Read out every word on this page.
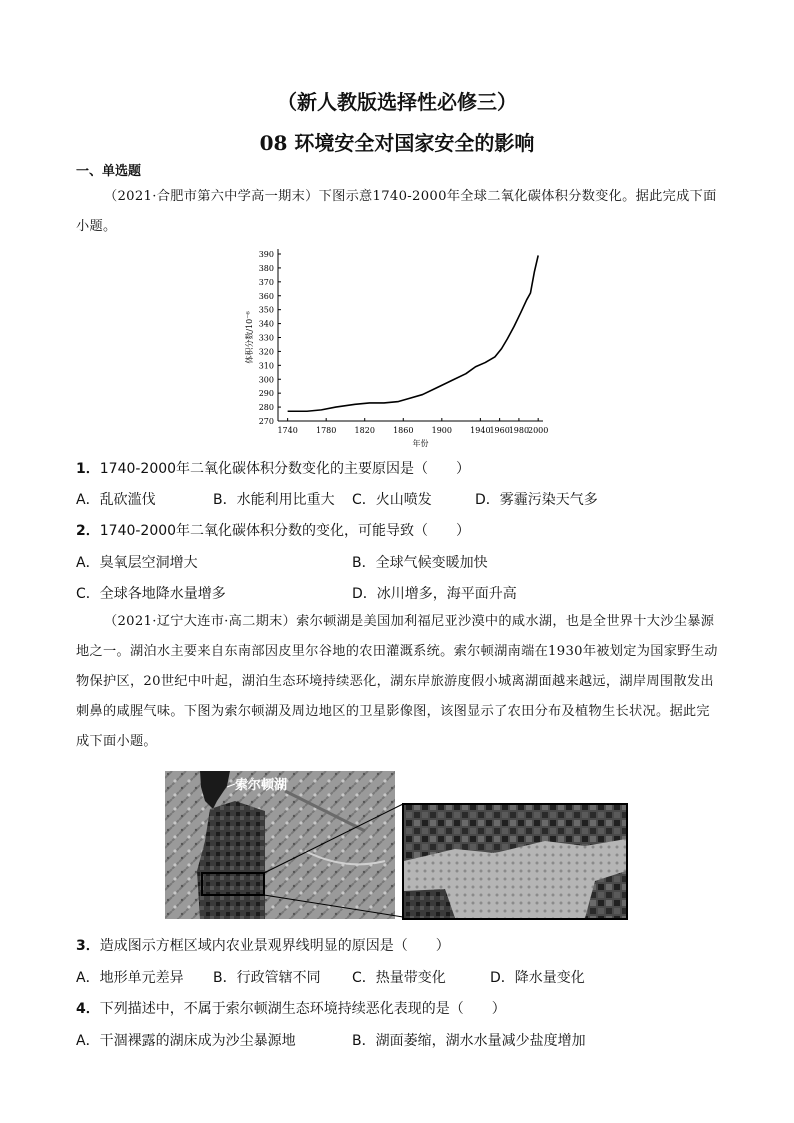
（新人教版选择性必修三）
08 环境安全对国家安全的影响
一、单选题
（2021·合肥市第六中学高一期末）下图示意1740-2000年全球二氧化碳体积分数变化。据此完成下面小题。
270
280
290
300
310
320
330
340
350
360
370
380
390
1740 1780 1820 1860 1900 1940
1960
1980
2000
体积分数/10⁻⁶
年份
1．1740-2000年二氧化碳体积分数变化的主要原因是（　　）
A．乱砍滥伐	B．水能利用比重大 C．火山喷发	D．雾霾污染天气多
2．1740-2000年二氧化碳体积分数的变化，可能导致（　　）
A．臭氧层空洞增大	B．全球气候变暖加快
C．全球各地降水量增多	D．冰川增多，海平面升高
（2021·辽宁大连市·高二期末）索尔顿湖是美国加利福尼亚沙漠中的咸水湖，也是全世界十大沙尘暴源地之一。湖泊水主要来自东南部因皮里尔谷地的农田灌溉系统。索尔顿湖南端在1930年被划定为国家野生动物保护区，20世纪中叶起，湖泊生态环境持续恶化，湖东岸旅游度假小城离湖面越来越远，湖岸周围散发出刺鼻的咸腥气味。下图为索尔顿湖及周边地区的卫星影像图，该图显示了农田分布及植物生长状况。据此完成下面小题。
索尔顿湖
3．造成图示方框区域内农业景观界线明显的原因是（　　）
A．地形单元差异 B．行政管辖不同 C．热量带变化	D．降水量变化
4．下列描述中，不属于索尔顿湖生态环境持续恶化表现的是（　　）
A．干涸裸露的湖床成为沙尘暴源地	B．湖面萎缩，湖水水量减少盐度增加
